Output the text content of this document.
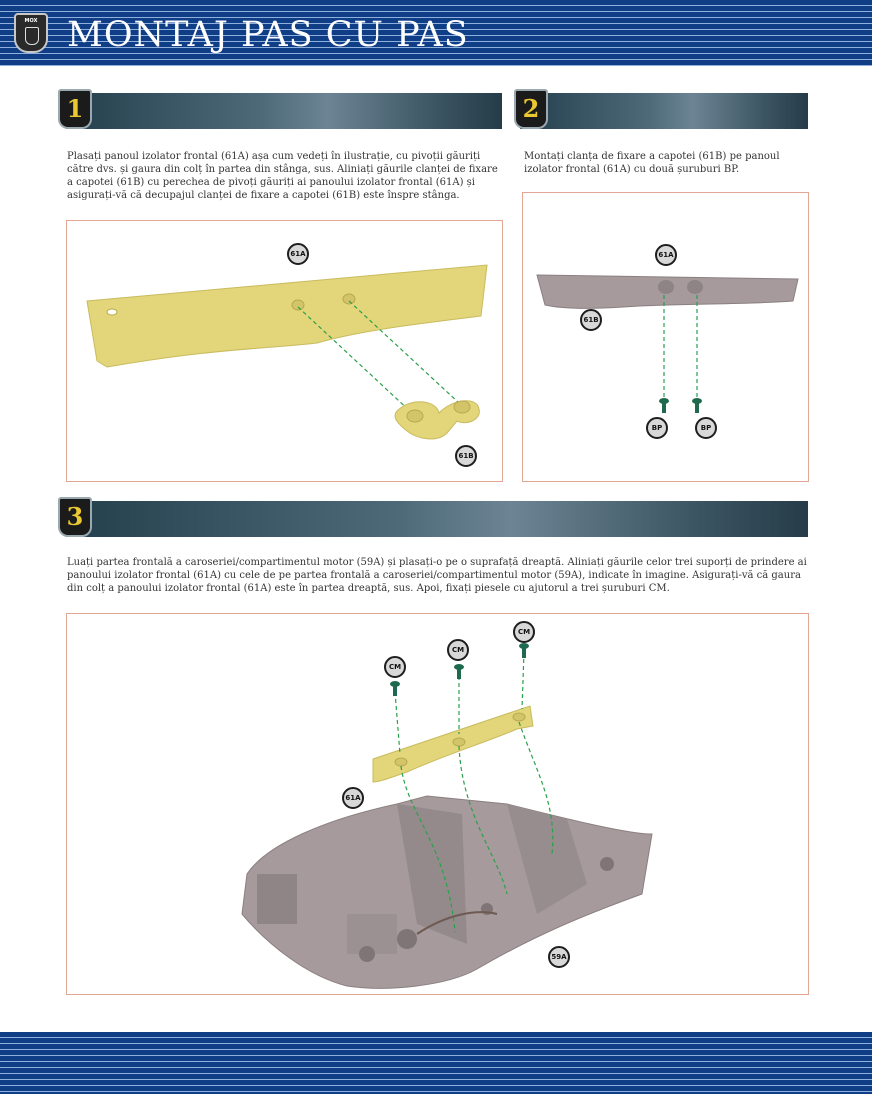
MOX MONTAJ PAS CU PAS
1
Plasați panoul izolator frontal (61A) așa cum vedeți în ilustrație, cu pivoții găuriți către dvs. și gaura din colț în partea din stânga, sus. Aliniați găurile clanței de fixare a capotei (61B) cu perechea de pivoți găuriți ai panoului izolator frontal (61A) și asigurați-vă că decupajul clanței de fixare a capotei (61B) este înspre stânga.
61A
61B
2
Montați clanța de fixare a capotei (61B) pe panoul izolator frontal (61A) cu două șuruburi BP.
61A
61B
BP	BP
3
Luați partea frontală a caroseriei/compartimentul motor (59A) și plasați-o pe o suprafață dreaptă. Aliniați găurile celor trei suporți de prindere ai panoului izolator frontal (61A) cu cele de pe partea frontală a caroseriei/compartimentul motor (59A), indicate în imagine. Asigurați-vă că gaura din colț a panoului izolator frontal (61A) este în partea dreaptă, sus. Apoi, fixați piesele cu ajutorul a trei șuruburi CM.
CM
CM
CM
61A
59A
